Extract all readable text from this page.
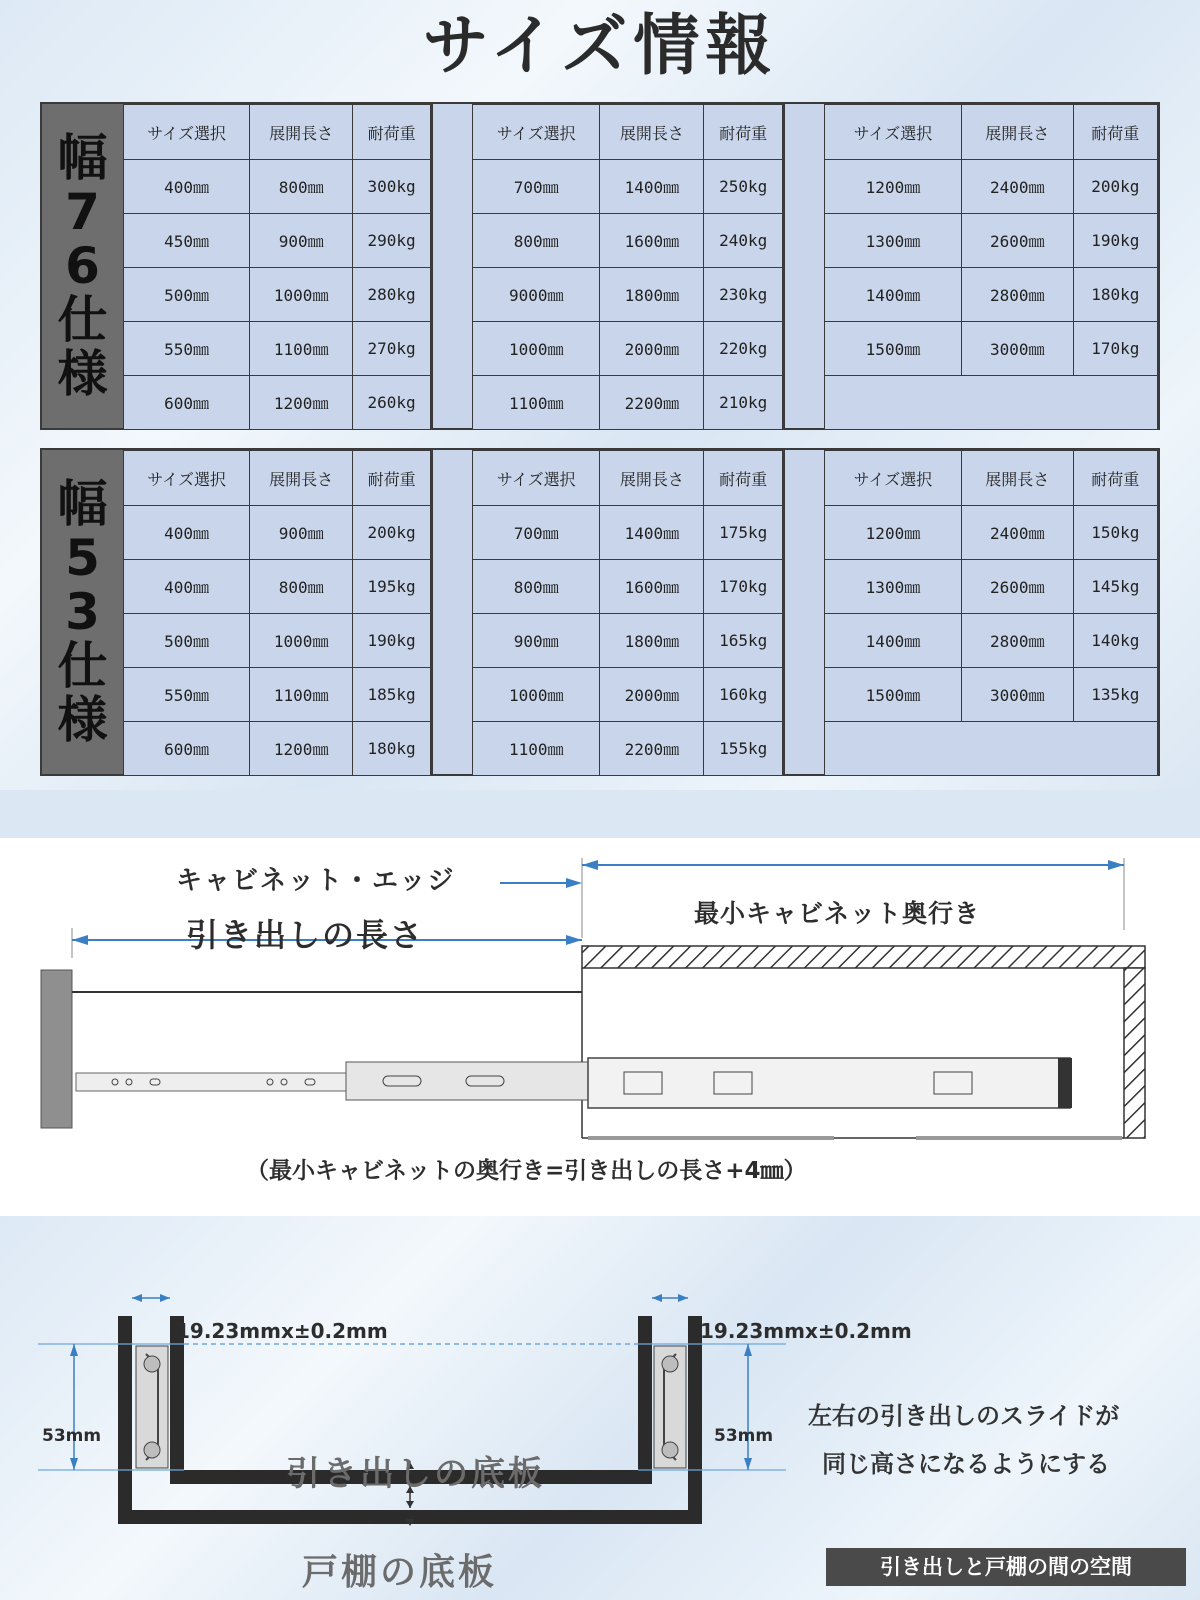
サイズ情報
幅76仕様
サイズ選択	展開長さ	耐荷重
400㎜	800㎜	300kg
450㎜	900㎜	290kg
500㎜	1000㎜	280kg
550㎜	1100㎜	270kg
600㎜	1200㎜	260kg
サイズ選択	展開長さ	耐荷重
700㎜	1400㎜	250kg
800㎜	1600㎜	240kg
9000㎜	1800㎜	230kg
1000㎜	2000㎜	220kg
1100㎜	2200㎜	210kg
サイズ選択	展開長さ	耐荷重
1200㎜	2400㎜	200kg
1300㎜	2600㎜	190kg
1400㎜	2800㎜	180kg
1500㎜	3000㎜	170kg

幅53仕様
サイズ選択	展開長さ	耐荷重
400㎜	900㎜	200kg
400㎜	800㎜	195kg
500㎜	1000㎜	190kg
550㎜	1100㎜	185kg
600㎜	1200㎜	180kg
サイズ選択	展開長さ	耐荷重
700㎜	1400㎜	175kg
800㎜	1600㎜	170kg
900㎜	1800㎜	165kg
1000㎜	2000㎜	160kg
1100㎜	2200㎜	155kg
サイズ選択	展開長さ	耐荷重
1200㎜	2400㎜	150kg
1300㎜	2600㎜	145kg
1400㎜	2800㎜	140kg
1500㎜	3000㎜	135kg

キャビネット・エッジ
引き出しの長さ
最小キャビネット奥行き
（最小キャビネットの奥行き=引き出しの長さ+4㎜）
19.23mmx±0.2mm	19.23mmx±0.2mm
53mm	53mm
引き出しの底板
戸棚の底板
左右の引き出しのスライドが
同じ高さになるようにする
引き出しと戸棚の間の空間
